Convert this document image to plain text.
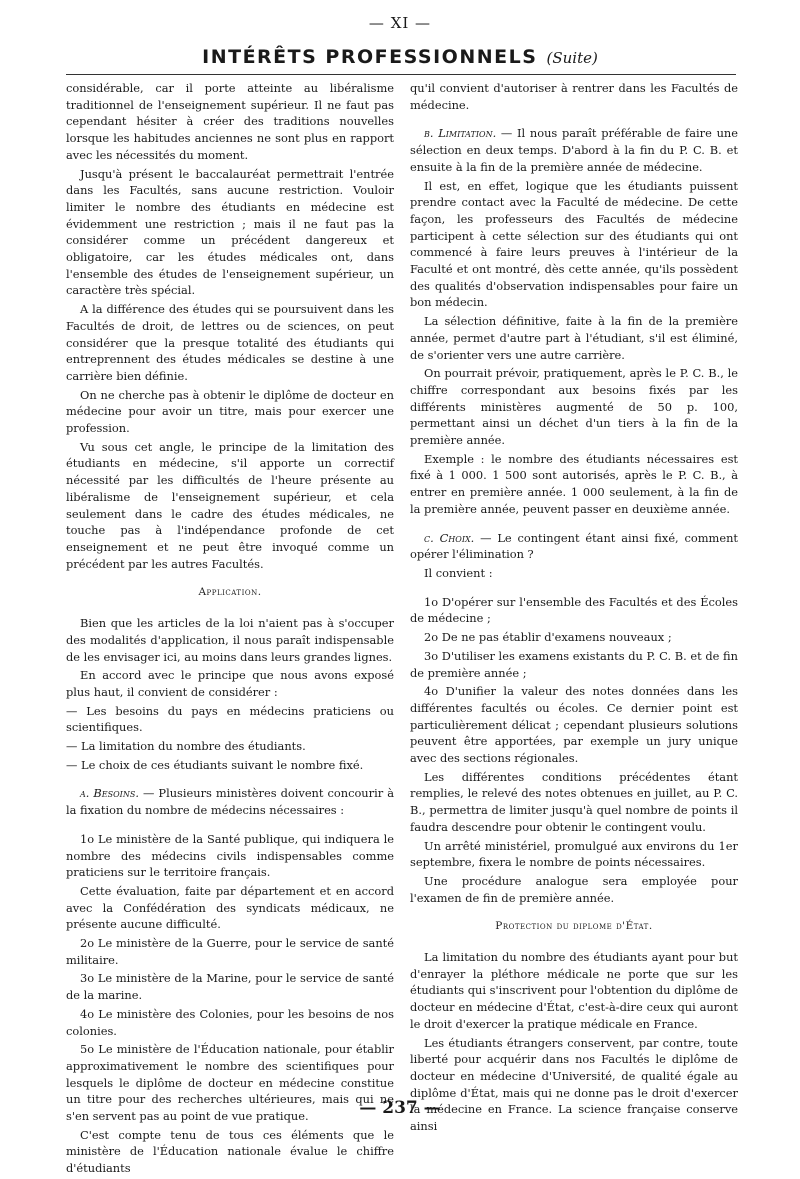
— XI —
INTÉRÊTS PROFESSIONNELS (Suite)

considérable, car il porte atteinte au libéralisme traditionnel de l'enseignement supérieur. Il ne faut pas cependant hésiter à créer des traditions nouvelles lorsque les habitudes anciennes ne sont plus en rapport avec les nécessités du moment.

Jusqu'à présent le baccalauréat permettrait l'entrée dans les Facultés, sans aucune restriction. Vouloir limiter le nombre des étudiants en médecine est évidemment une restriction ; mais il ne faut pas la considérer comme un précédent dangereux et obligatoire, car les études médicales ont, dans l'ensemble des études de l'enseignement supérieur, un caractère très spécial.

A la différence des études qui se poursuivent dans les Facultés de droit, de lettres ou de sciences, on peut considérer que la presque totalité des étudiants qui entreprennent des études médicales se destine à une carrière bien définie.

On ne cherche pas à obtenir le diplôme de docteur en médecine pour avoir un titre, mais pour exercer une profession.

Vu sous cet angle, le principe de la limitation des étudiants en médecine, s'il apporte un correctif nécessité par les difficultés de l'heure présente au libéralisme de l'enseignement supérieur, et cela seulement dans le cadre des études médicales, ne touche pas à l'indépendance profonde de cet enseignement et ne peut être invoqué comme un précédent par les autres Facultés.

Application.

Bien que les articles de la loi n'aient pas à s'occuper des modalités d'application, il nous paraît indispensable de les envisager ici, au moins dans leurs grandes lignes.

En accord avec le principe que nous avons exposé plus haut, il convient de considérer :

— Les besoins du pays en médecins praticiens ou scientifiques.

— La limitation du nombre des étudiants.

— Le choix de ces étudiants suivant le nombre fixé.

a. Besoins. — Plusieurs ministères doivent concourir à la fixation du nombre de médecins nécessaires :

1o Le ministère de la Santé publique, qui indiquera le nombre des médecins civils indispensables comme praticiens sur le territoire français.

Cette évaluation, faite par département et en accord avec la Confédération des syndicats médicaux, ne présente aucune difficulté.

2o Le ministère de la Guerre, pour le service de santé militaire.

3o Le ministère de la Marine, pour le service de santé de la marine.

4o Le ministère des Colonies, pour les besoins de nos colonies.

5o Le ministère de l'Éducation nationale, pour établir approximativement le nombre des scientifiques pour lesquels le diplôme de docteur en médecine constitue un titre pour des recherches ultérieures, mais qui ne s'en servent pas au point de vue pratique.

C'est compte tenu de tous ces éléments que le ministère de l'Éducation nationale évalue le chiffre d'étudiants

qu'il convient d'autoriser à rentrer dans les Facultés de médecine.

b. Limitation. — Il nous paraît préférable de faire une sélection en deux temps. D'abord à la fin du P. C. B. et ensuite à la fin de la première année de médecine.

Il est, en effet, logique que les étudiants puissent prendre contact avec la Faculté de médecine. De cette façon, les professeurs des Facultés de médecine participent à cette sélection sur des étudiants qui ont commencé à faire leurs preuves à l'intérieur de la Faculté et ont montré, dès cette année, qu'ils possèdent des qualités d'observation indispensables pour faire un bon médecin.

La sélection définitive, faite à la fin de la première année, permet d'autre part à l'étudiant, s'il est éliminé, de s'orienter vers une autre carrière.

On pourrait prévoir, pratiquement, après le P. C. B., le chiffre correspondant aux besoins fixés par les différents ministères augmenté de 50 p. 100, permettant ainsi un déchet d'un tiers à la fin de la première année.

Exemple : le nombre des étudiants nécessaires est fixé à 1 000. 1 500 sont autorisés, après le P. C. B., à entrer en première année. 1 000 seulement, à la fin de la première année, peuvent passer en deuxième année.

c. Choix. — Le contingent étant ainsi fixé, comment opérer l'élimination ?

Il convient :

1o D'opérer sur l'ensemble des Facultés et des Écoles de médecine ;

2o De ne pas établir d'examens nouveaux ;

3o D'utiliser les examens existants du P. C. B. et de fin de première année ;

4o D'unifier la valeur des notes données dans les différentes facultés ou écoles. Ce dernier point est particulièrement délicat ; cependant plusieurs solutions peuvent être apportées, par exemple un jury unique avec des sections régionales.

Les différentes conditions précédentes étant remplies, le relevé des notes obtenues en juillet, au P. C. B., permettra de limiter jusqu'à quel nombre de points il faudra descendre pour obtenir le contingent voulu.

Un arrêté ministériel, promulgué aux environs du 1er septembre, fixera le nombre de points nécessaires.

Une procédure analogue sera employée pour l'examen de fin de première année.

Protection du diplome d'État.

La limitation du nombre des étudiants ayant pour but d'enrayer la pléthore médicale ne porte que sur les étudiants qui s'inscrivent pour l'obtention du diplôme de docteur en médecine d'État, c'est-à-dire ceux qui auront le droit d'exercer la pratique médicale en France.

Les étudiants étrangers conservent, par contre, toute liberté pour acquérir dans nos Facultés le diplôme de docteur en médecine d'Université, de qualité égale au diplôme d'État, mais qui ne donne pas le droit d'exercer la médecine en France. La science française conserve ainsi

— 237 —
